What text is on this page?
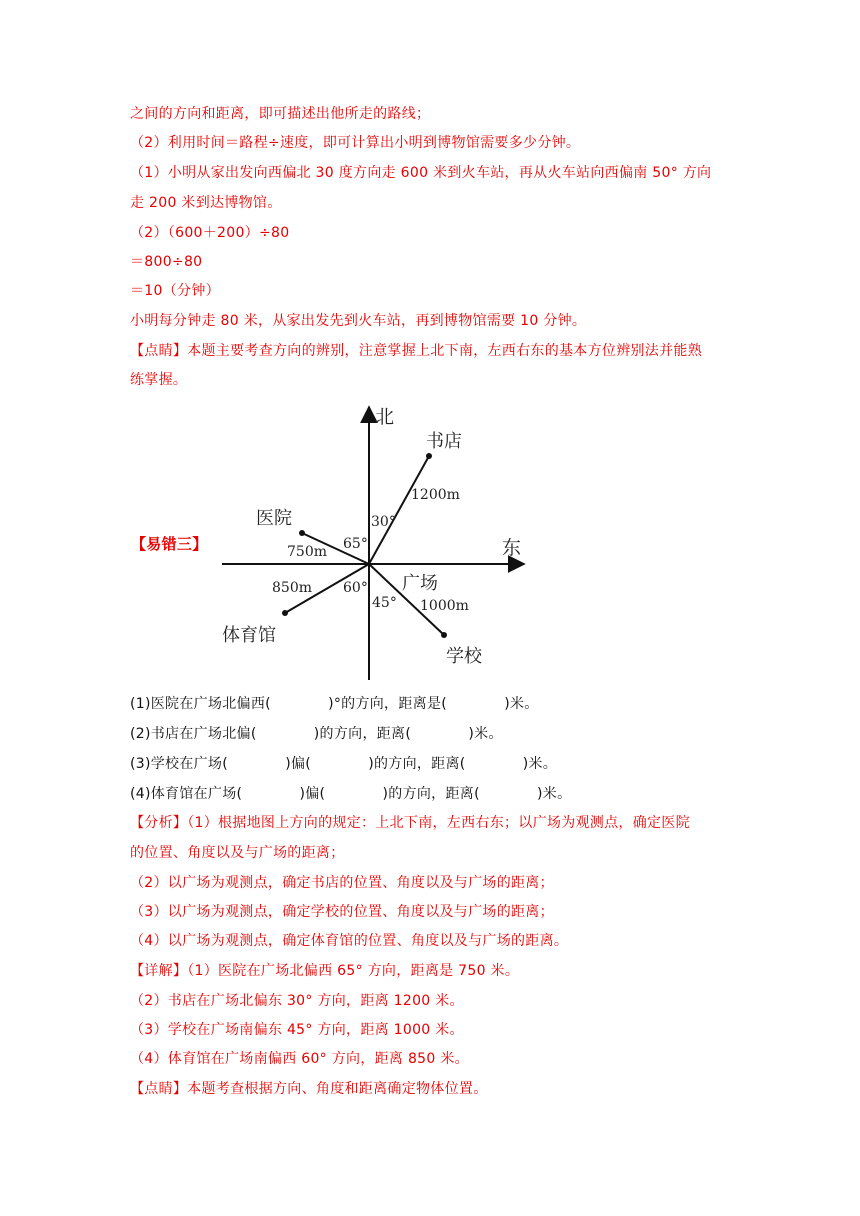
之间的方向和距离，即可描述出他所走的路线；
（2）利用时间＝路程÷速度，即可计算出小明到博物馆需要多少分钟。
（1）小明从家出发向西偏北 30 度方向走 600 米到火车站，再从火车站向西偏南 50° 方向
走 200 米到达博物馆。
（2）（600＋200）÷80
＝800÷80
＝10（分钟）
小明每分钟走 80 米，从家出发先到火车站，再到博物馆需要 10 分钟。
【点睛】本题主要考查方向的辨别，注意掌握上北下南，左西右东的基本方位辨别法并能熟
练掌握。
【易错三】
北
东
书店
1200m
30°
医院
750m 65°
广场
850m 60°
体育馆
45° 1000m
学校
(1)医院在广场北偏西(　　　　)°的方向，距离是(　　　　)米。
(2)书店在广场北偏(　　　　)的方向，距离(　　　　)米。
(3)学校在广场(　　　　)偏(　　　　)的方向，距离(　　　　)米。
(4)体育馆在广场(　　　　)偏(　　　　)的方向，距离(　　　　)米。
【分析】（1）根据地图上方向的规定：上北下南，左西右东；以广场为观测点，确定医院
的位置、角度以及与广场的距离；
（2）以广场为观测点，确定书店的位置、角度以及与广场的距离；
（3）以广场为观测点，确定学校的位置、角度以及与广场的距离；
（4）以广场为观测点，确定体育馆的位置、角度以及与广场的距离。
【详解】（1）医院在广场北偏西 65° 方向，距离是 750 米。
（2）书店在广场北偏东 30° 方向，距离 1200 米。
（3）学校在广场南偏东 45° 方向，距离 1000 米。
（4）体育馆在广场南偏西 60° 方向，距离 850 米。
【点睛】本题考查根据方向、角度和距离确定物体位置。
